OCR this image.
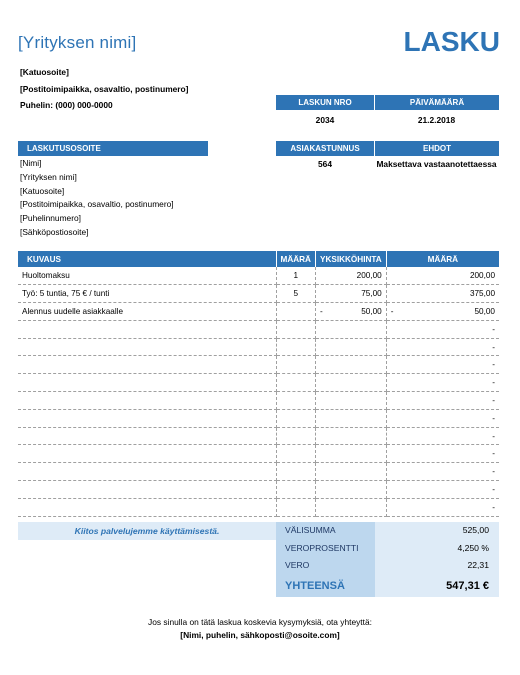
[Yrityksen nimi]	LASKU
[Katuosoite]
[Postitoimipaikka, osavaltio, postinumero]
Puhelin: (000) 000-0000	LASKUN NRO	PÄIVÄMÄÄRÄ
2034	21.2.2018
ASIAKASTUNNUS	EHDOT
564	Maksettava vastaanotettaessa
LASKUTUSOSOITE
[Nimi]
[Yrityksen nimi]
[Katuosoite]
[Postitoimipaikka, osavaltio, postinumero]
[Puhelinnumero]
[Sähköpostiosoite]
KUVAUS	MÄÄRÄ	YKSIKKÖHINTA	MÄÄRÄ
Huoltomaksu	1	200,00	200,00
Työ: 5 tuntia, 75 € / tunti	5	75,00	375,00
Alennus uudelle asiakkaalle		- 50,00	- 50,00

-

-

-

-

-

-

-

-

-

-

-
Kiitos palvelujemme käyttämisestä.	VÄLISUMMA	525,00
VEROPROSENTTI	4,250 %
VERO	22,31
YHTEENSÄ	547,31 €
Jos sinulla on tätä laskua koskevia kysymyksiä, ota yhteyttä:
[Nimi, puhelin, sähkoposti@osoite.com]
